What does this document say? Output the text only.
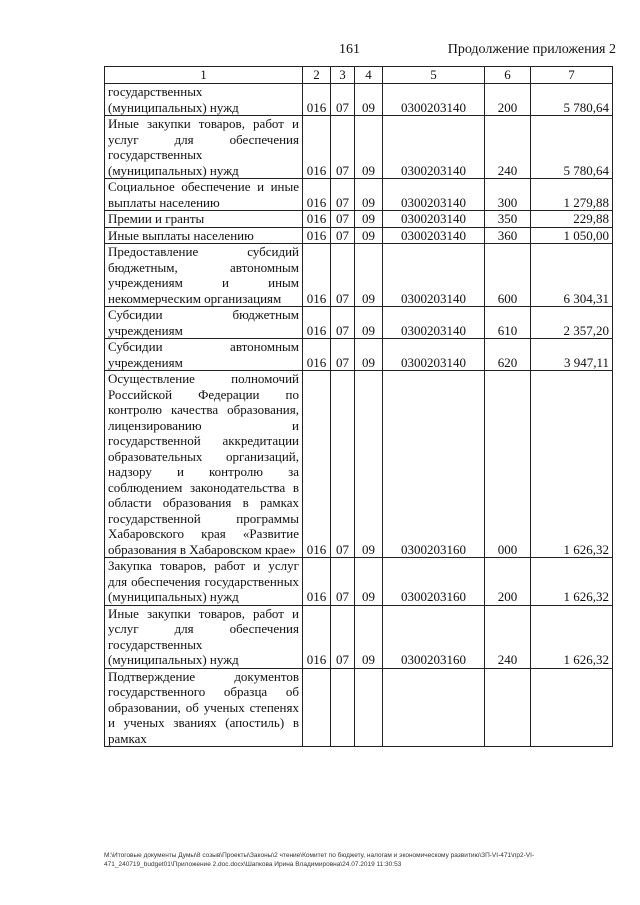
161	Продолжение приложения 2
1	2	3	4	5	6	7
государственных (муниципальных) нужд	016	07	09	0300203140	200	5 780,64
Иные закупки товаров, работ и услуг для обеспечения государственных (муниципальных) нужд	016	07	09	0300203140	240	5 780,64
Социальное обеспечение и иные выплаты населению	016	07	09	0300203140	300	1 279,88
Премии и гранты	016	07	09	0300203140	350	229,88
Иные выплаты населению	016	07	09	0300203140	360	1 050,00
Предоставление субсидий бюджетным, автономным учреждениям и иным некоммерческим организациям	016	07	09	0300203140	600	6 304,31
Субсидии бюджетным учреждениям	016	07	09	0300203140	610	2 357,20
Субсидии автономным учреждениям	016	07	09	0300203140	620	3 947,11
Осуществление полномочий Российской Федерации по контролю качества образования, лицензированию и государственной аккредитации образовательных организаций, надзору и контролю за соблюдением законодательства в области образования в рамках государственной программы Хабаровского края «Развитие образования в Хабаровском крае»	016	07	09	0300203160	000	1 626,32
Закупка товаров, работ и услуг для обеспечения государственных (муниципальных) нужд	016	07	09	0300203160	200	1 626,32
Иные закупки товаров, работ и услуг для обеспечения государственных (муниципальных) нужд	016	07	09	0300203160	240	1 626,32
Подтверждение документов государственного образца об образовании, об ученых степенях и ученых званиях (апостиль) в рамках						
M:\Итоговые документы Думы\8 созыв\Проекты\Законы\2 чтение\Комитет по бюджету, налогам и экономическому развитию\ЗП-VI-471\пр2-VI-
471_240719_budget01\Приложение 2.doc.docx\Шапкова Ирина Владимировна\24.07.2019 11:30:53
